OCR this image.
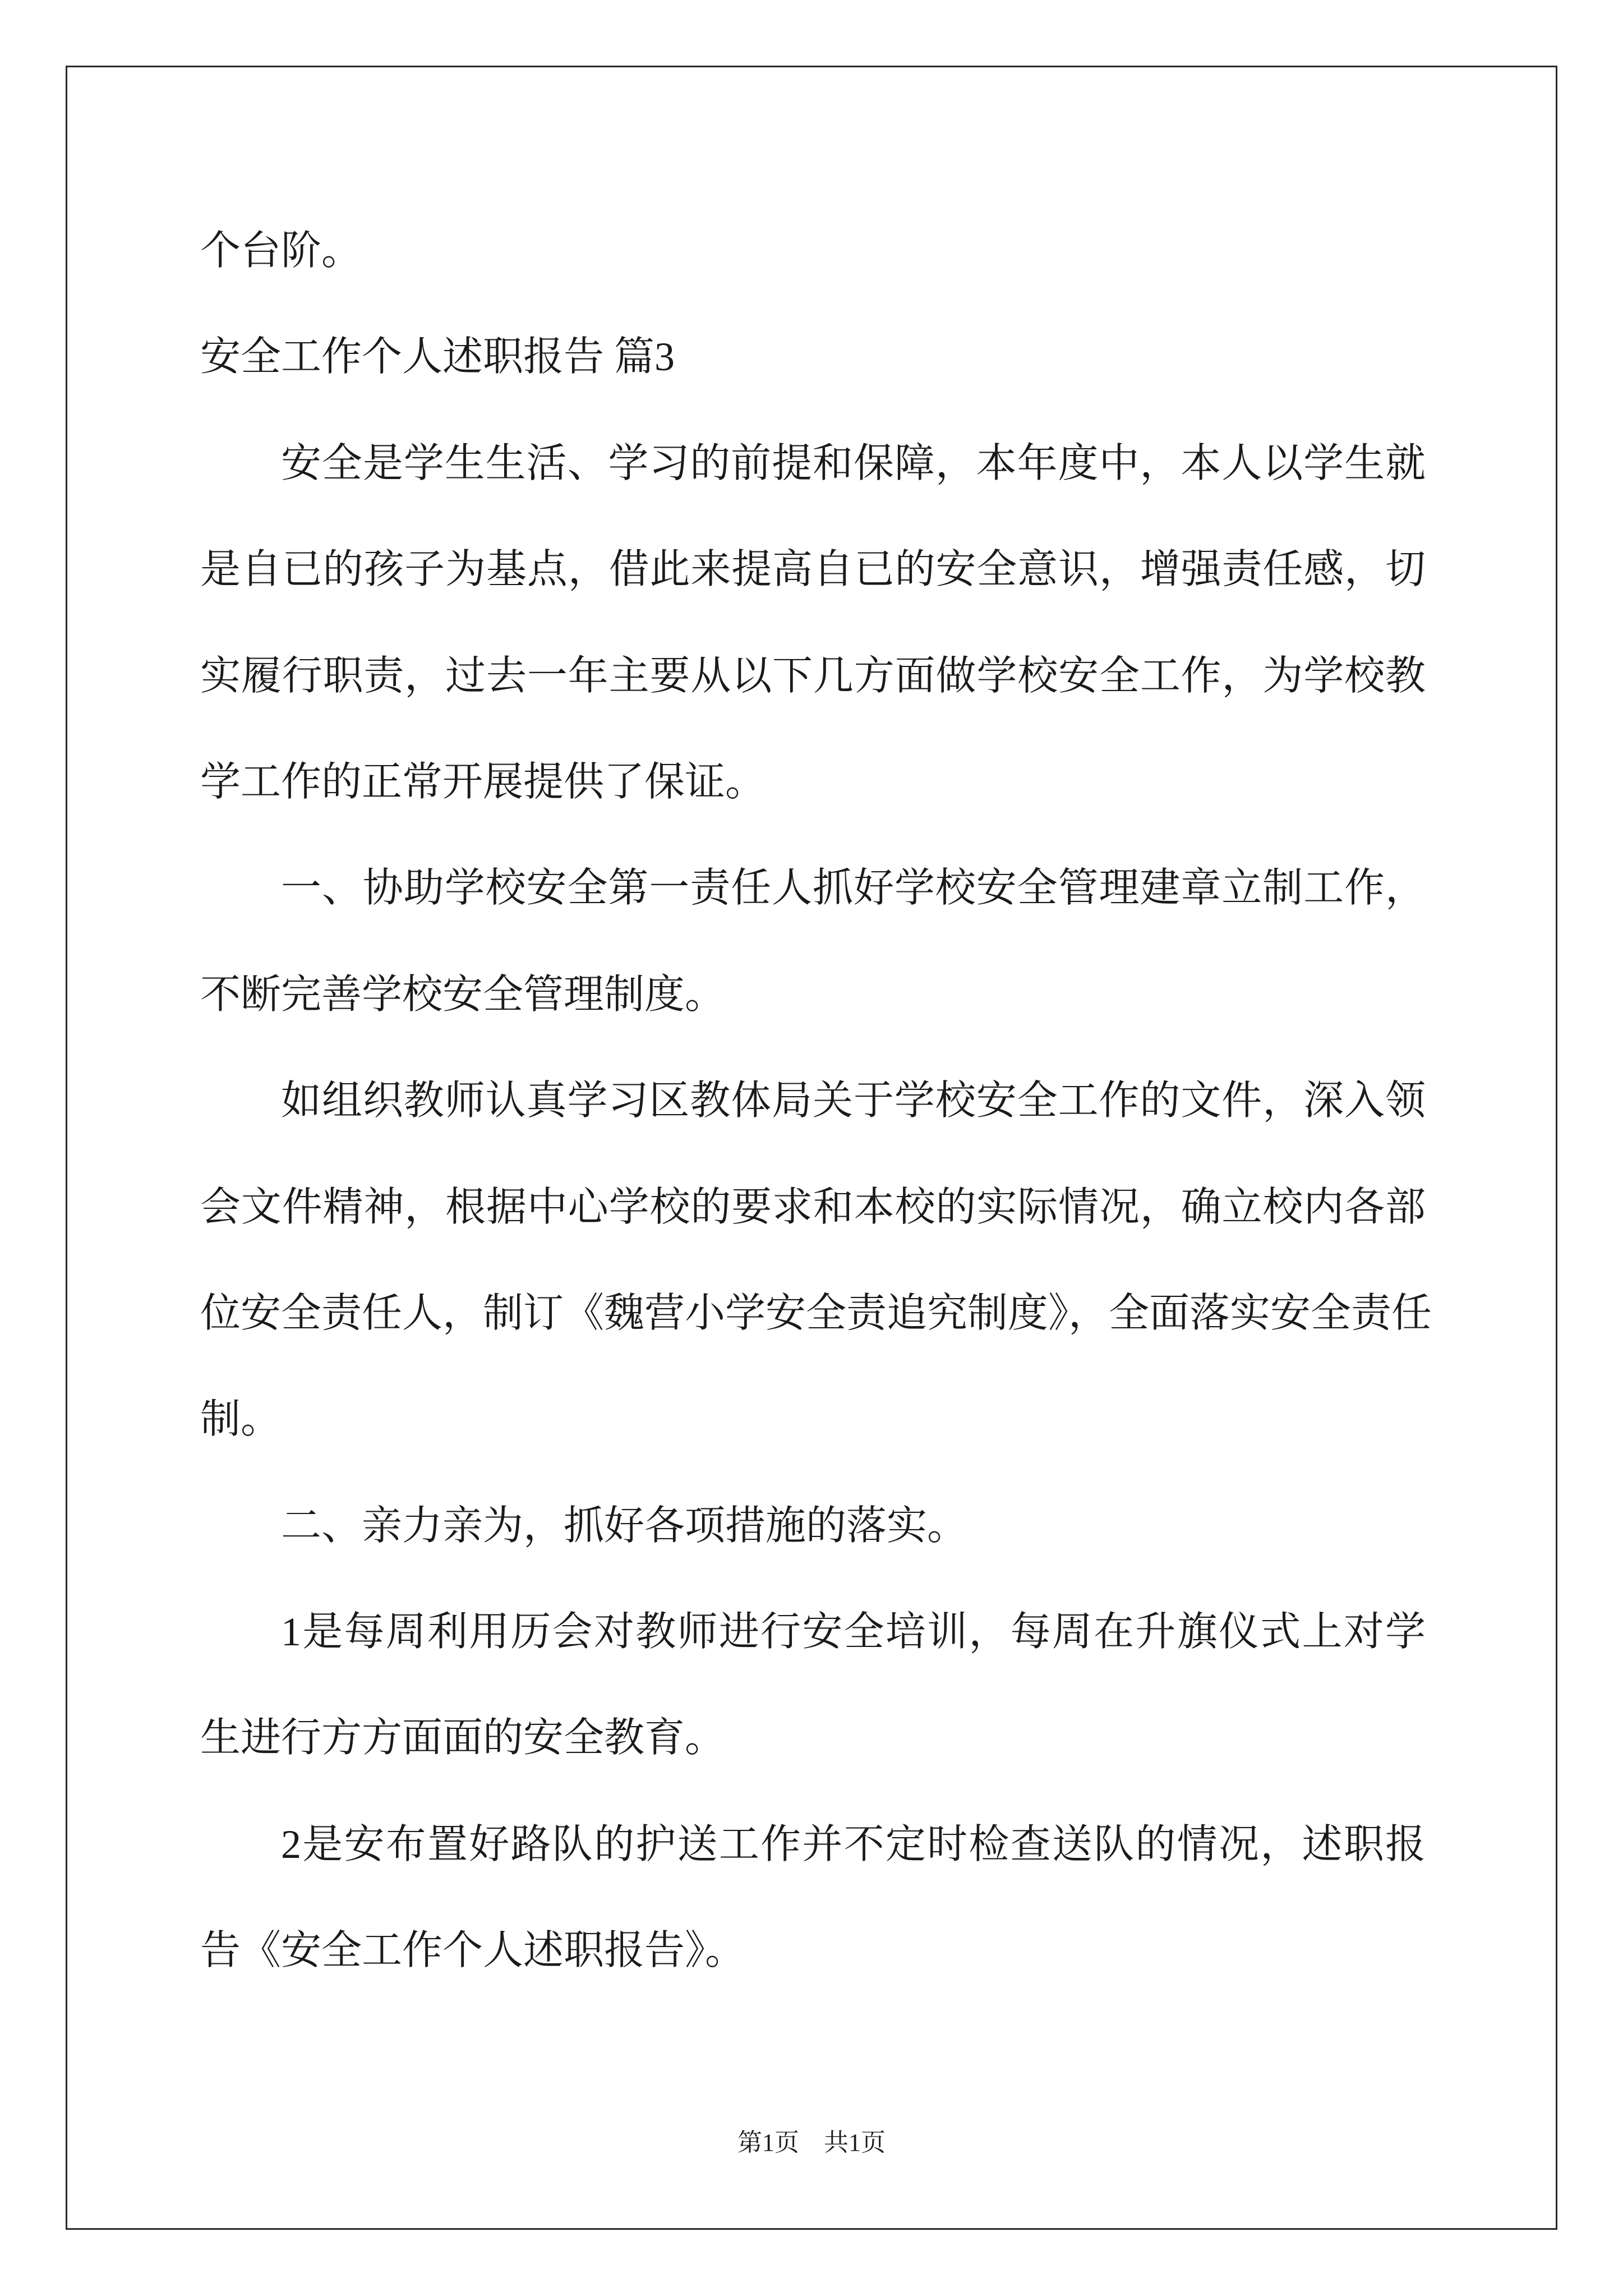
个台阶。
安全工作个人述职报告 篇3
安全是学生生活、学习的前提和保障，本年度中，本人以学生就
是自已的孩子为基点，借此来提高自已的安全意识，增强责任感，切
实履行职责，过去一年主要从以下几方面做学校安全工作，为学校教
学工作的正常开展提供了保证。
一、协助学校安全第一责任人抓好学校安全管理建章立制工作，
不断完善学校安全管理制度。
如组织教师认真学习区教体局关于学校安全工作的文件，深入领
会文件精神，根据中心学校的要求和本校的实际情况，确立校内各部
位安全责任人，制订《魏营小学安全责追究制度》，全面落实安全责任
制。
二、亲力亲为，抓好各项措施的落实。
1是每周利用历会对教师进行安全培训，每周在升旗仪式上对学
生进行方方面面的安全教育。
2是安布置好路队的护送工作并不定时检查送队的情况，述职报
告《安全工作个人述职报告》。
第1页　共1页
